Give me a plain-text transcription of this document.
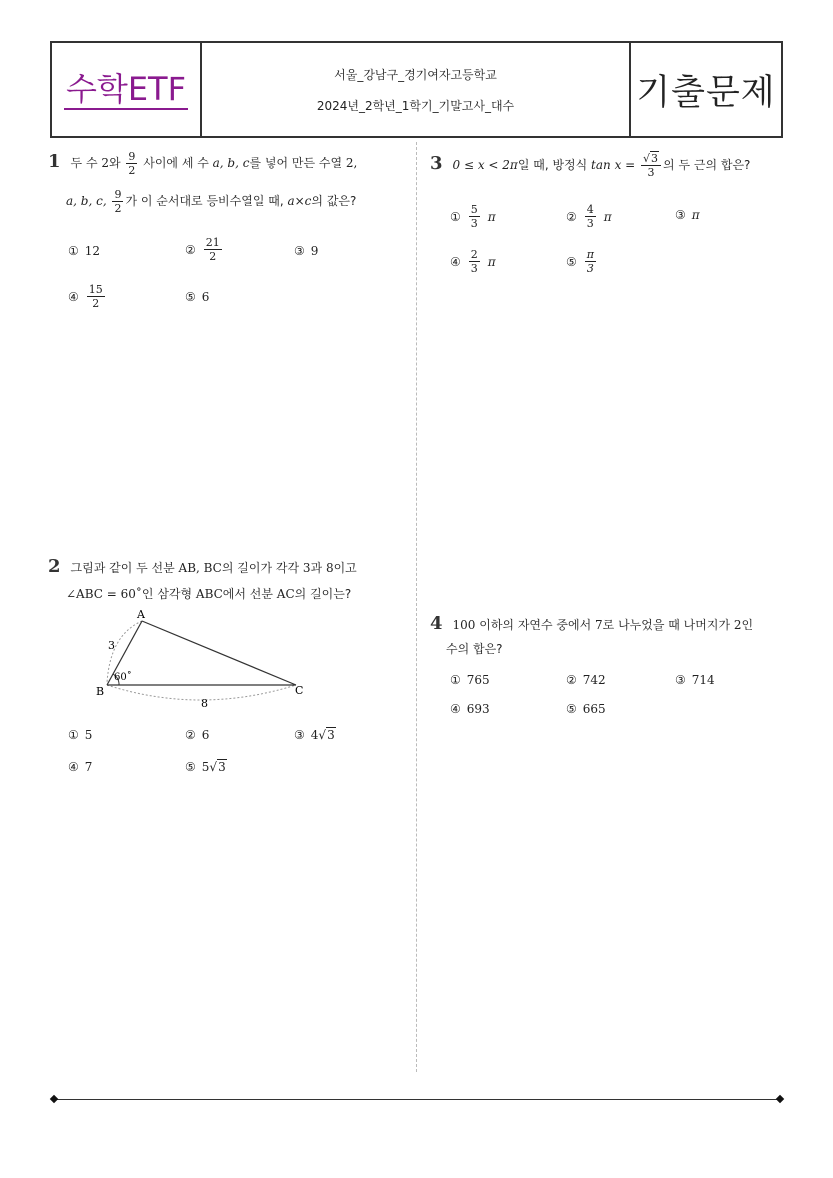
수학ETF	서울_강남구_경기여자고등학교
2024년_2학년_1학기_기말고사_대수	기출문제
1 두 수 2와 $\frac{9}{2}$ 사이에 세 수 a, b, c를 넣어 만든 수열 2,
a, b, c, $\frac{9}{2}$ 가 이 순서대로 등비수열일 때, a×c의 값은?
① 12	② $\frac{21}{2}$	③ 9
④ $\frac{15}{2}$	⑤ 6
2 그림과 같이 두 선분 AB, BC의 길이가 각각 3과 8이고
∠ABC = 60˚인 삼각형 ABC에서 선분 AC의 길이는?
A
B	C
3
8
60˚
① 5	② 6	③ 4√3
④ 7	⑤ 5√3
3 0 ≤ x < 2π일 때, 방정식 $\tan x = \frac{√3}{3}$ 의 두 근의 합은?
① $\frac{5}{3}$ π	② $\frac{4}{3}$ π	③ π
④ $\frac{2}{3}$ π	⑤ $\frac{\pi}{3}$
4 100 이하의 자연수 중에서 7로 나누었을 때 나머지가 2인
수의 합은?
① 765	② 742	③ 714
④ 693	⑤ 665
